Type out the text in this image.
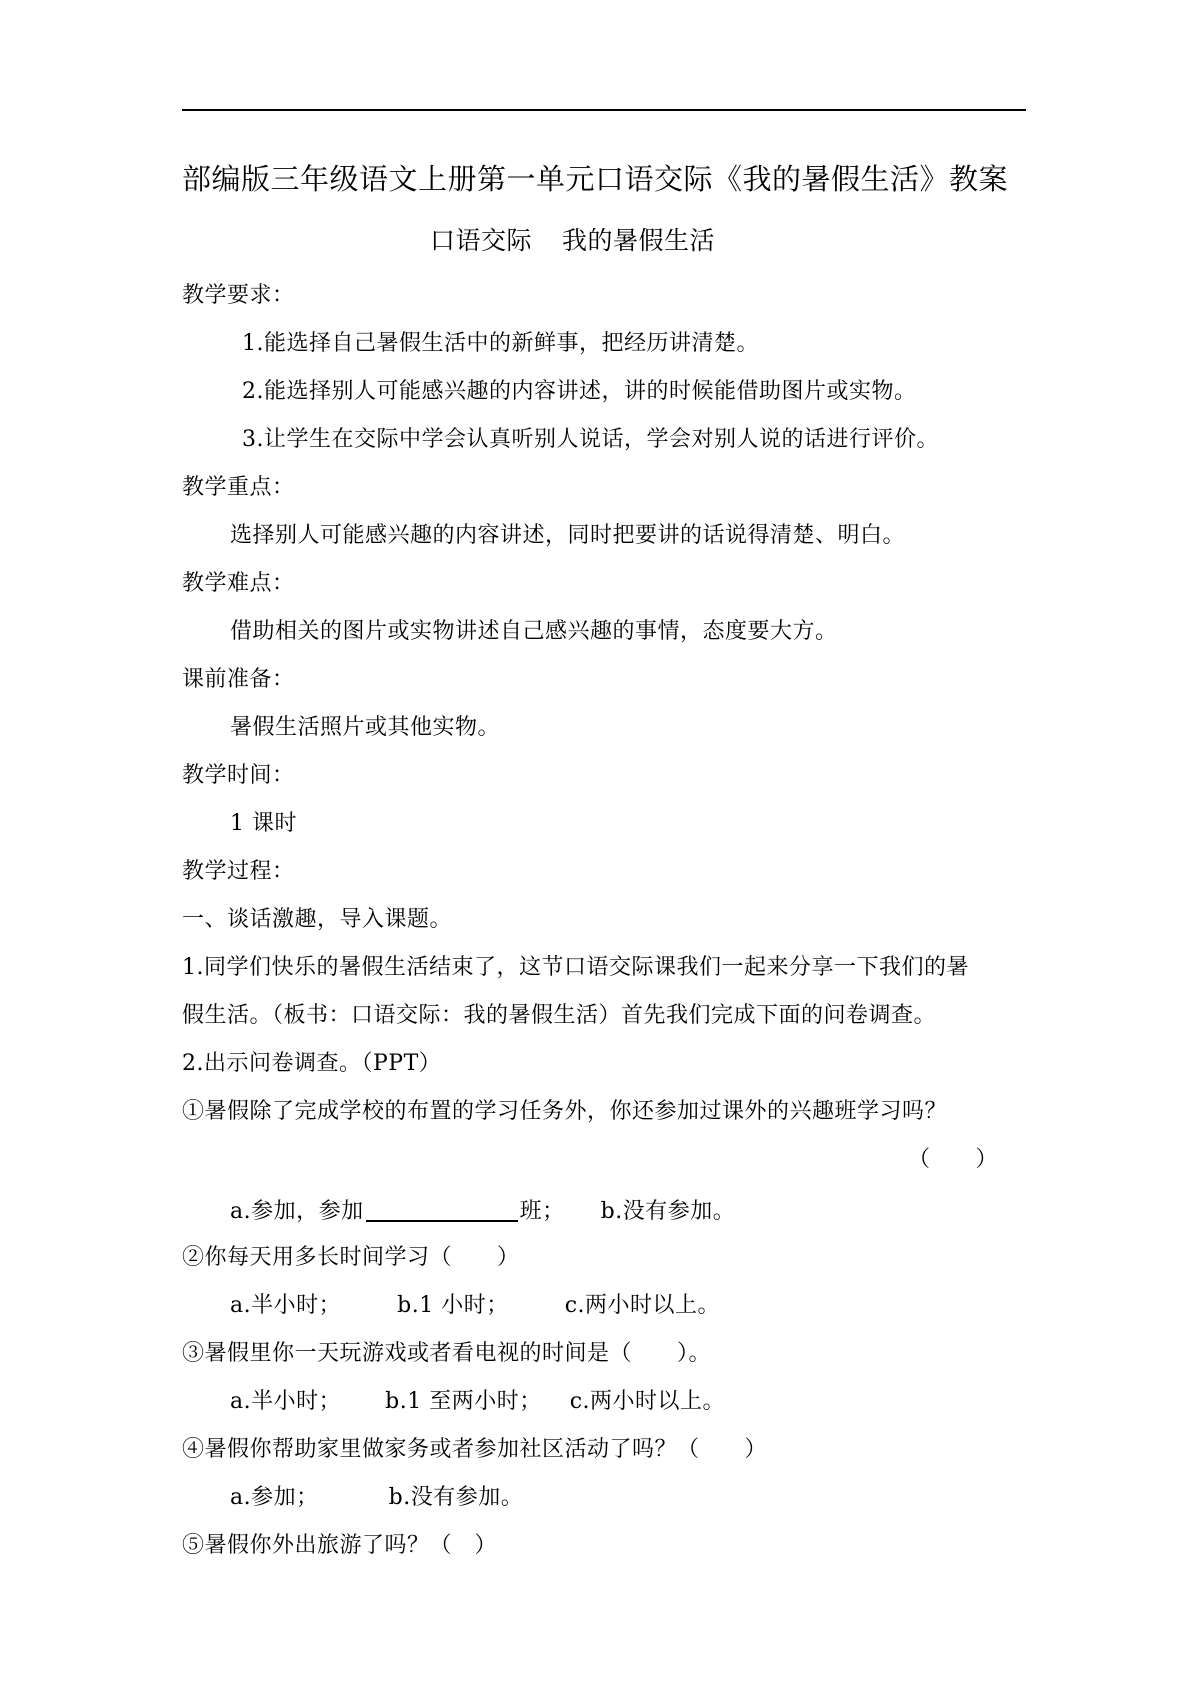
部编版三年级语文上册第一单元口语交际《我的暑假生活》教案
口语交际 我的暑假生活
教学要求：
1.能选择自己暑假生活中的新鲜事，把经历讲清楚。
2.能选择别人可能感兴趣的内容讲述，讲的时候能借助图片或实物。
3.让学生在交际中学会认真听别人说话，学会对别人说的话进行评价。
教学重点：
选择别人可能感兴趣的内容讲述，同时把要讲的话说得清楚、明白。
教学难点：
借助相关的图片或实物讲述自己感兴趣的事情，态度要大方。
课前准备：
暑假生活照片或其他实物。
教学时间：
1 课时
教学过程：
一、谈话激趣，导入课题。
1.同学们快乐的暑假生活结束了，这节口语交际课我们一起来分享一下我们的暑
假生活。（板书：口语交际：我的暑假生活）首先我们完成下面的问卷调查。
2.出示问卷调查。（PPT）
①暑假除了完成学校的布置的学习任务外，你还参加过课外的兴趣班学习吗？
（　　）
a.参加，参加	班； b.没有参加。
②你每天用多长时间学习（　　）
a.半小时；	b.1 小时；	c.两小时以上。
③暑假里你一天玩游戏或者看电视的时间是（　　）。
a.半小时； b.1 至两小时； c.两小时以上。
④暑假你帮助家里做家务或者参加社区活动了吗？（　　）
a.参加；	b.没有参加。
⑤暑假你外出旅游了吗？（　）
